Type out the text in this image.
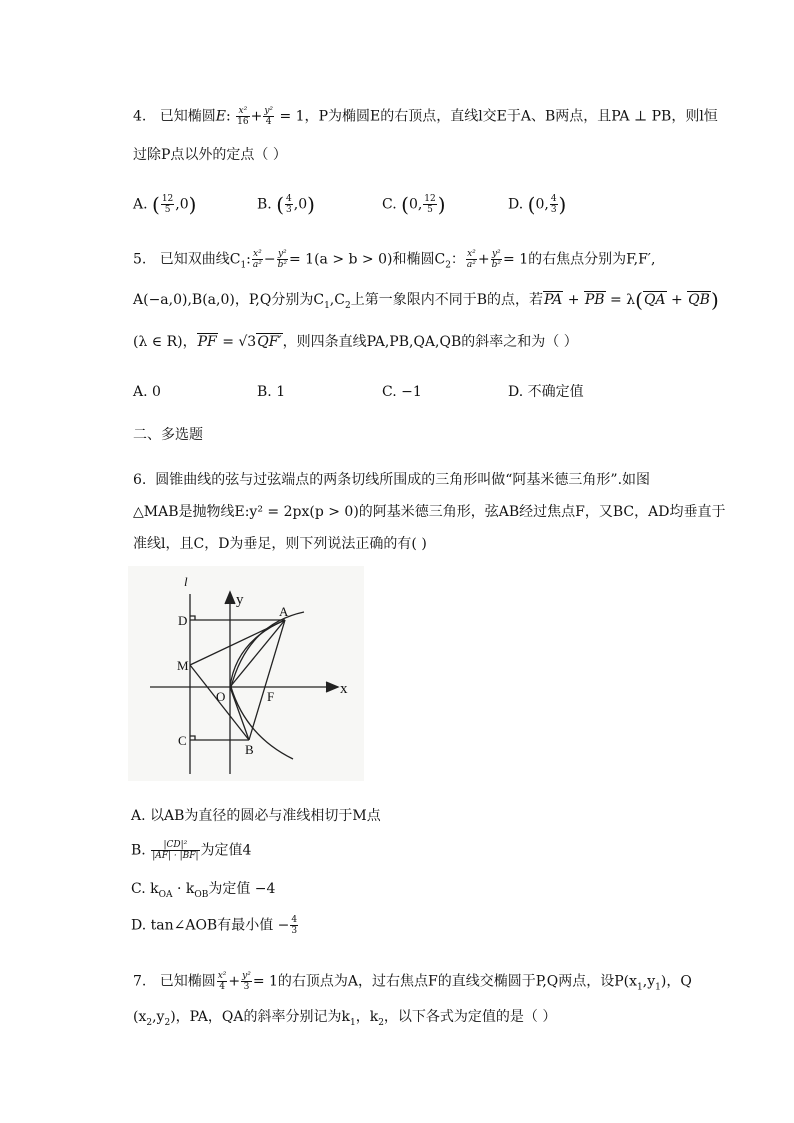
4. 已知椭圆E: $\frac{\text{x²}}{16} + \frac{\text{y²}}{4} = 1$，P为椭圆E的右顶点，直线l交E于A、B两点，且PA ⊥ PB，则l恒
过除P点以外的定点（ ）
A. ( $\frac{12}{5} ,0$)	B. ( $\frac{4}{3} ,0$)	C. (0, $\frac{12}{5}$ )	D. (0, $\frac{4}{3}$ )
5. 已知双曲线$C_1$: $\frac{\text{x²}}{\text{a²}} - \frac{\text{y²}}{\text{b²}} = 1(a > b > 0)$和椭圆$C_2$： $\frac{\text{x²}}{\text{a²}} + \frac{\text{y²}}{\text{b²}} = 1$的右焦点分别为F,F′,
A(−a,0),B(a,0)，P,Q分别为$C_1,C_2$上第一象限内不同于B的点，若PA + PB = λ(QA + QB)
(λ ∈ R)，PF = √3QF′，则四条直线PA,PB,QA,QB的斜率之和为（ ）
A. 0	B. 1	C. −1	D. 不确定值
二、多选题
6. 圆锥曲线的弦与过弦端点的两条切线所围成的三角形叫做“阿基米德三角形”.如图
△MAB是抛物线E:y² = 2px(p > 0)的阿基米德三角形，弦AB经过焦点F，又BC，AD均垂直于
准线l，且C，D为垂足，则下列说法正确的有( )
l
y
x
A
D
M
O	F
C
B
A. 以AB为直径的圆必与准线相切于M点
B. $\frac{\text{|CD|²}}{|AF| \cdot |BF|}$ 为定值4
C. $k_{OA} \cdot k_{OB}$为定值 −4
D. tan∠AOB有最小值 − $\frac{4}{3}$
7. 已知椭圆 $\frac{\text{x²}}{4} + \frac{\text{y²}}{3} = 1$的右顶点为A，过右焦点F的直线交椭圆于P,Q两点，设$P(x_1,y_1)$，Q
$(x_2,y_2)$，PA，QA的斜率分别记为$k_1$，$k_2$，以下各式为定值的是（ ）
